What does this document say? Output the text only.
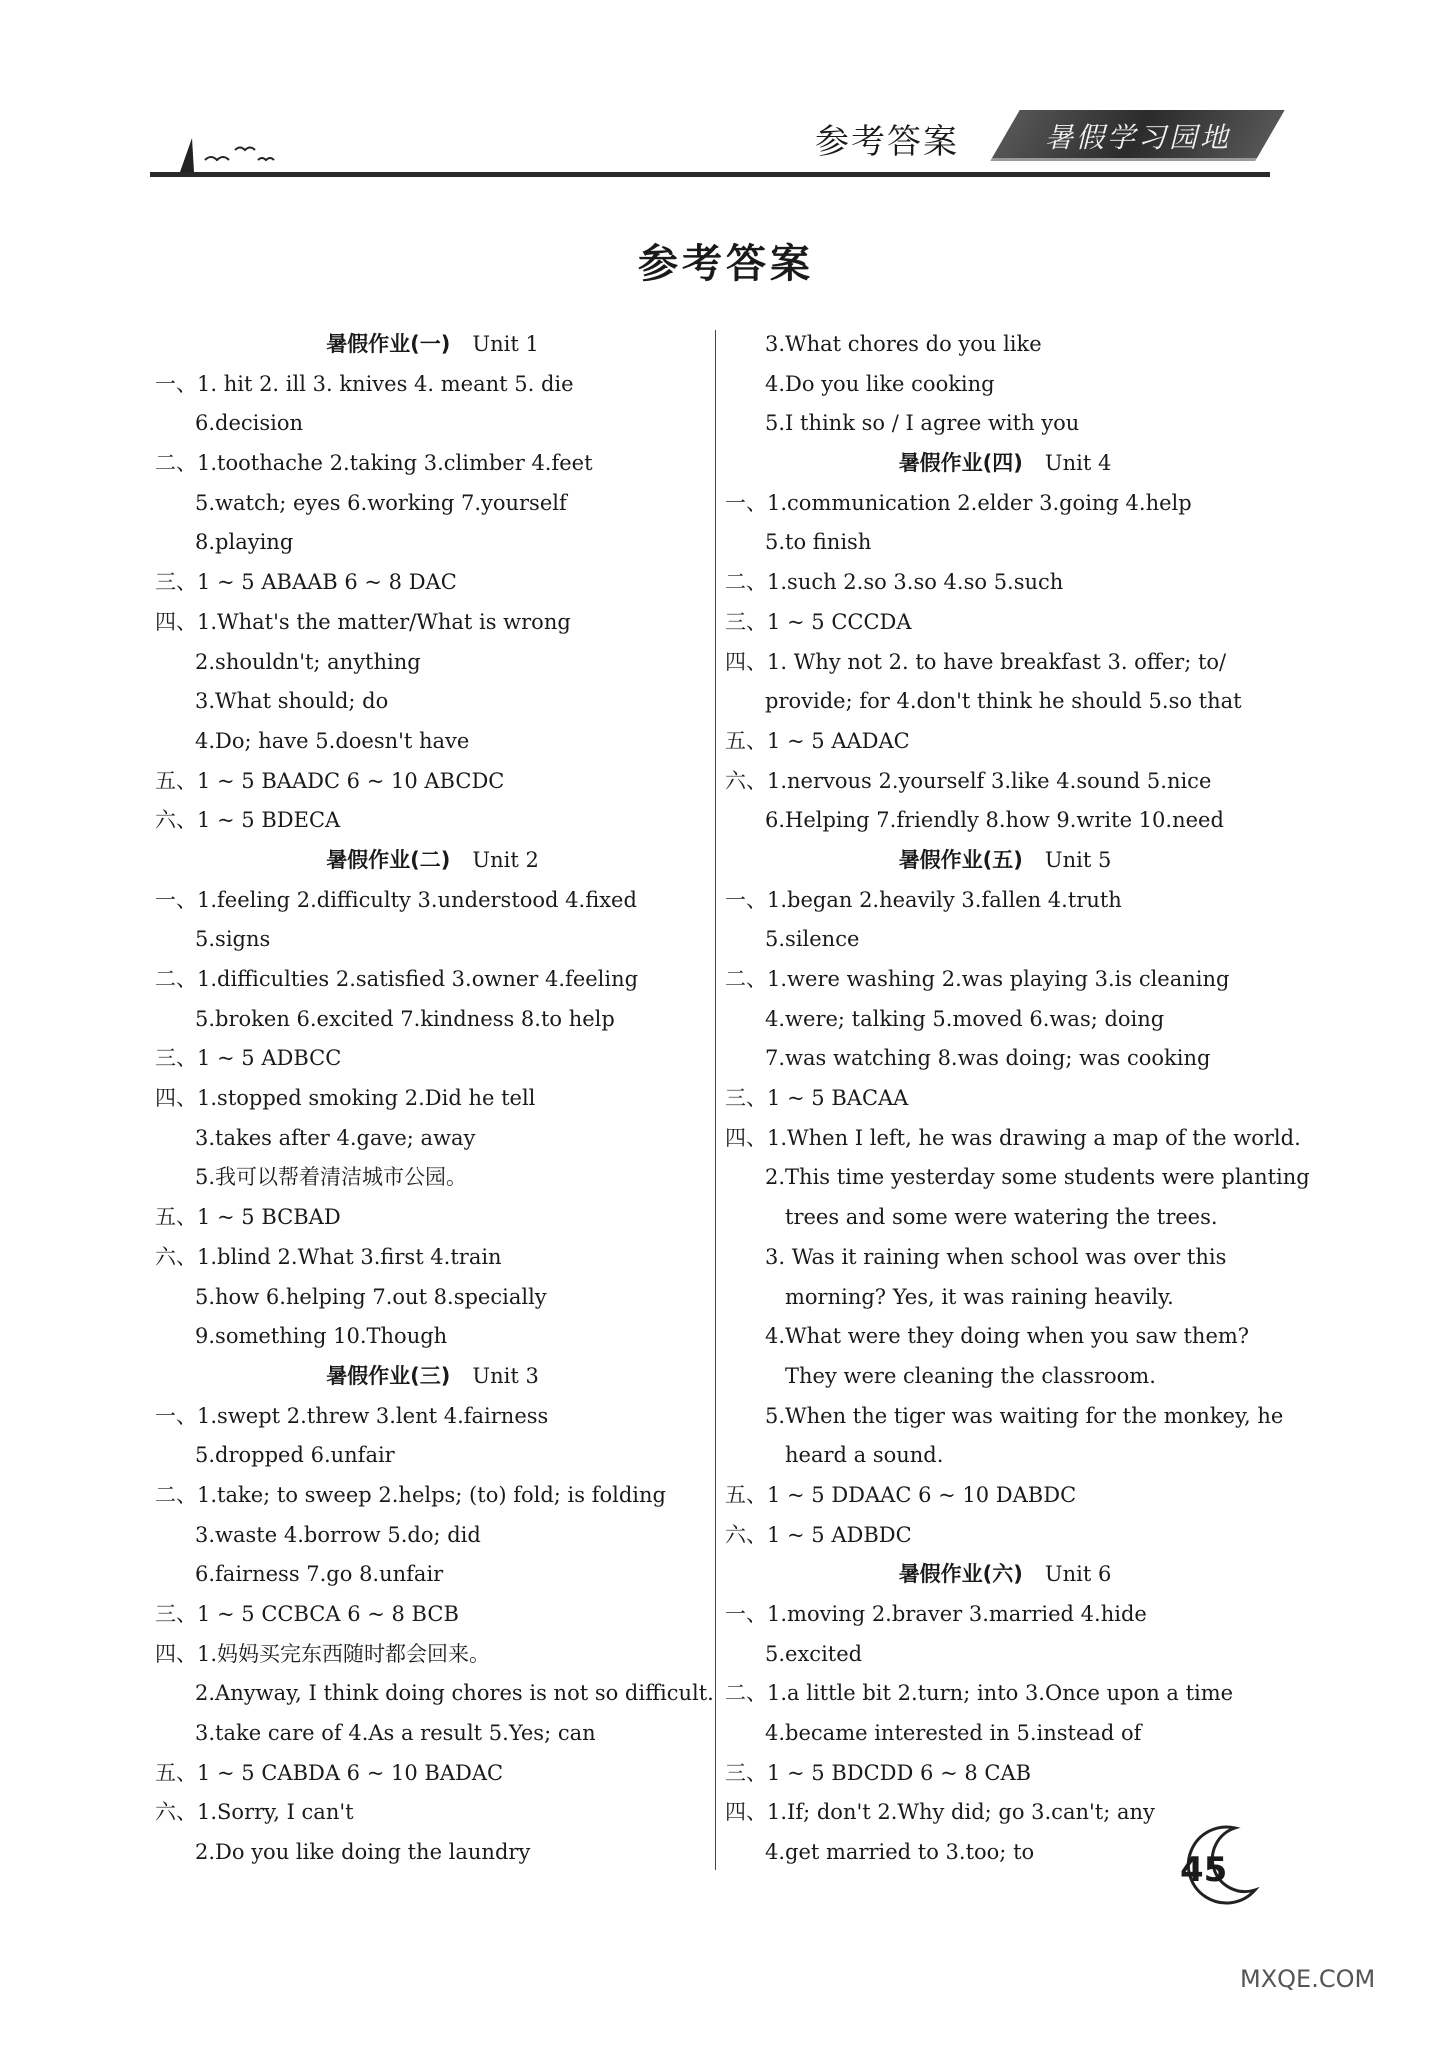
参考答案	暑假学习园地
参考答案
暑假作业(一) Unit 1
一、1. hit 2. ill 3. knives 4. meant 5. die
6.decision
二、1.toothache 2.taking 3.climber 4.feet
5.watch; eyes 6.working 7.yourself
8.playing
三、1 ~ 5 ABAAB 6 ~ 8 DAC
四、1.What's the matter/What is wrong
2.shouldn't; anything
3.What should; do
4.Do; have 5.doesn't have
五、1 ~ 5 BAADC 6 ~ 10 ABCDC
六、1 ~ 5 BDECA
暑假作业(二) Unit 2
一、1.feeling 2.difficulty 3.understood 4.fixed
5.signs
二、1.difficulties 2.satisfied 3.owner 4.feeling
5.broken 6.excited 7.kindness 8.to help
三、1 ~ 5 ADBCC
四、1.stopped smoking 2.Did he tell
3.takes after 4.gave; away
5.我可以帮着清洁城市公园。
五、1 ~ 5 BCBAD
六、1.blind 2.What 3.first 4.train
5.how 6.helping 7.out 8.specially
9.something 10.Though
暑假作业(三) Unit 3
一、1.swept 2.threw 3.lent 4.fairness
5.dropped 6.unfair
二、1.take; to sweep 2.helps; (to) fold; is folding
3.waste 4.borrow 5.do; did
6.fairness 7.go 8.unfair
三、1 ~ 5 CCBCA 6 ~ 8 BCB
四、1.妈妈买完东西随时都会回来。
2.Anyway, I think doing chores is not so difficult.
3.take care of 4.As a result 5.Yes; can
五、1 ~ 5 CABDA 6 ~ 10 BADAC
六、1.Sorry, I can't
2.Do you like doing the laundry
3.What chores do you like
4.Do you like cooking
5.I think so / I agree with you
暑假作业(四) Unit 4
一、1.communication 2.elder 3.going 4.help
5.to finish
二、1.such 2.so 3.so 4.so 5.such
三、1 ~ 5 CCCDA
四、1. Why not 2. to have breakfast 3. offer; to/
provide; for 4.don't think he should 5.so that
五、1 ~ 5 AADAC
六、1.nervous 2.yourself 3.like 4.sound 5.nice
6.Helping 7.friendly 8.how 9.write 10.need
暑假作业(五) Unit 5
一、1.began 2.heavily 3.fallen 4.truth
5.silence
二、1.were washing 2.was playing 3.is cleaning
4.were; talking 5.moved 6.was; doing
7.was watching 8.was doing; was cooking
三、1 ~ 5 BACAA
四、1.When I left, he was drawing a map of the world.
2.This time yesterday some students were planting
trees and some were watering the trees.
3. Was it raining when school was over this
morning? Yes, it was raining heavily.
4.What were they doing when you saw them?
They were cleaning the classroom.
5.When the tiger was waiting for the monkey, he
heard a sound.
五、1 ~ 5 DDAAC 6 ~ 10 DABDC
六、1 ~ 5 ADBDC
暑假作业(六) Unit 6
一、1.moving 2.braver 3.married 4.hide
5.excited
二、1.a little bit 2.turn; into 3.Once upon a time
4.became interested in 5.instead of
三、1 ~ 5 BDCDD 6 ~ 8 CAB
四、1.If; don't 2.Why did; go 3.can't; any
4.get married to 3.too; to	45
MXQE.COM
